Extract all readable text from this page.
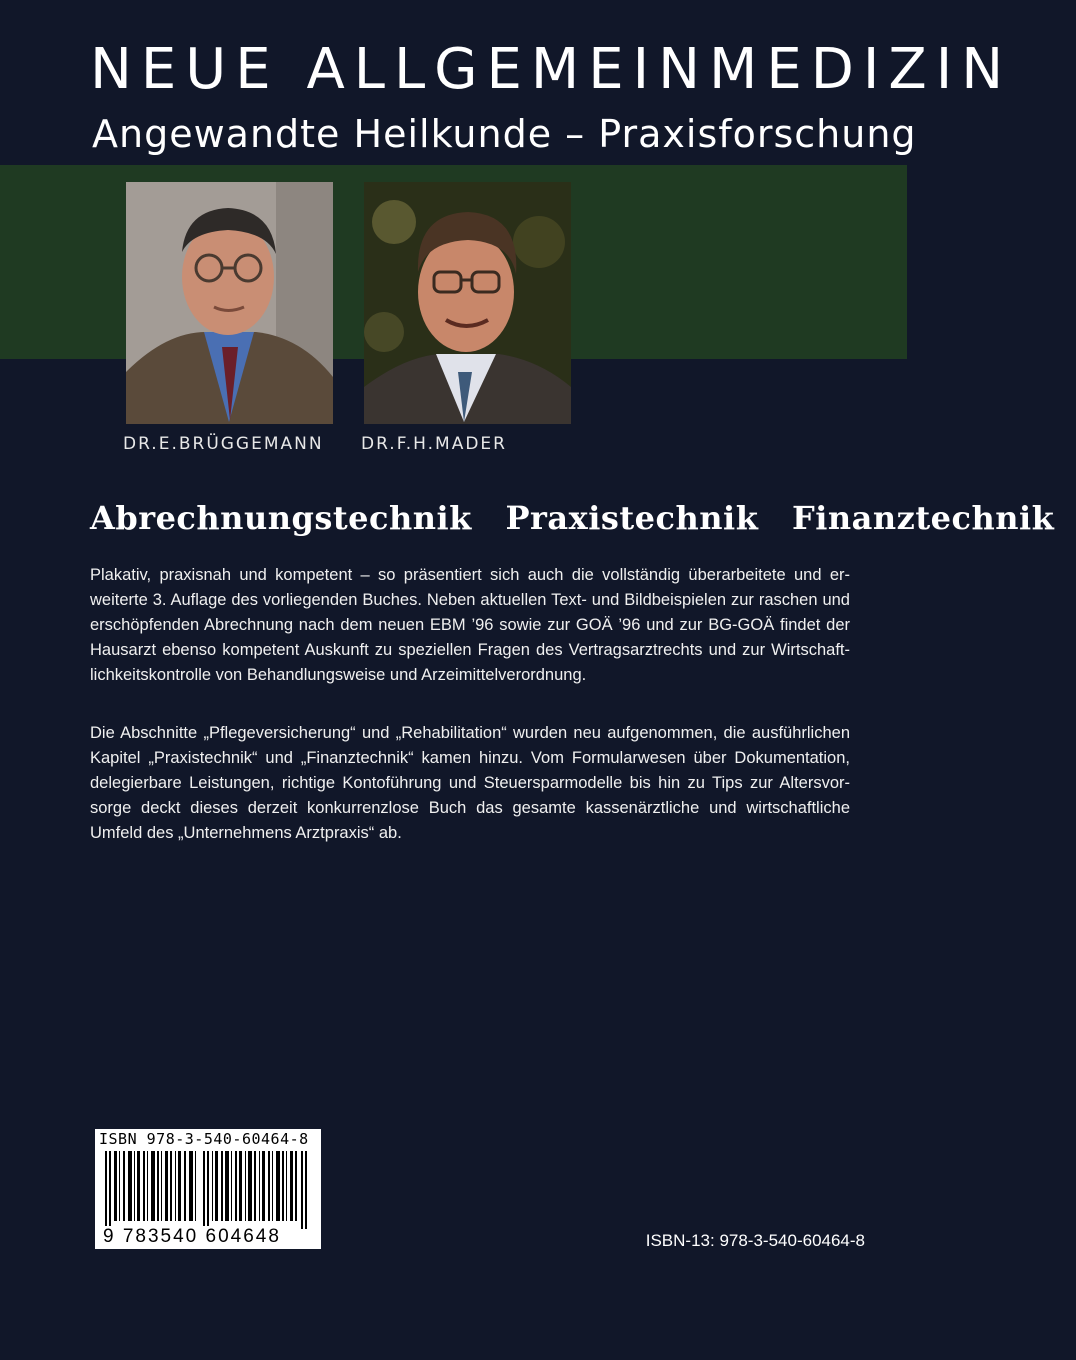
NEUE ALLGEMEINMEDIZIN
Angewandte Heilkunde – Praxisforschung
DR.E.BRÜGGEMANN DR.F.H.MADER
Abrechnungstechnik Praxistechnik Finanztechnik

Plakativ, praxisnah und kompetent – so präsentiert sich auch die vollständig überarbeitete und erweiterte 3. Auflage des vorliegenden Buches. Neben aktuellen Text- und Bildbeispielen zur raschen und erschöpfenden Abrechnung nach dem neuen EBM ’96 sowie zur GOÄ ’96 und zur BG-GOÄ findet der Hausarzt ebenso kompetent Auskunft zu speziellen Fragen des Vertragsarztrechts und zur Wirtschaftlichkeitskontrolle von Behandlungsweise und Arzeimittelverordnung.

Die Abschnitte „Pflegeversicherung“ und „Rehabilitation“ wurden neu aufgenommen, die ausführlichen Kapitel „Praxistechnik“ und „Finanztechnik“ kamen hinzu. Vom Formularwesen über Dokumentation, delegierbare Leistungen, richtige Kontoführung und Steuersparmodelle bis hin zu Tips zur Altersvorsorge deckt dieses derzeit konkurrenzlose Buch das gesamte kassenärztliche und wirtschaftliche Umfeld des „Unternehmens Arztpraxis“ ab.

ISBN 978-3-540-60464-8
9 783540 604648	ISBN-13: 978-3-540-60464-8
